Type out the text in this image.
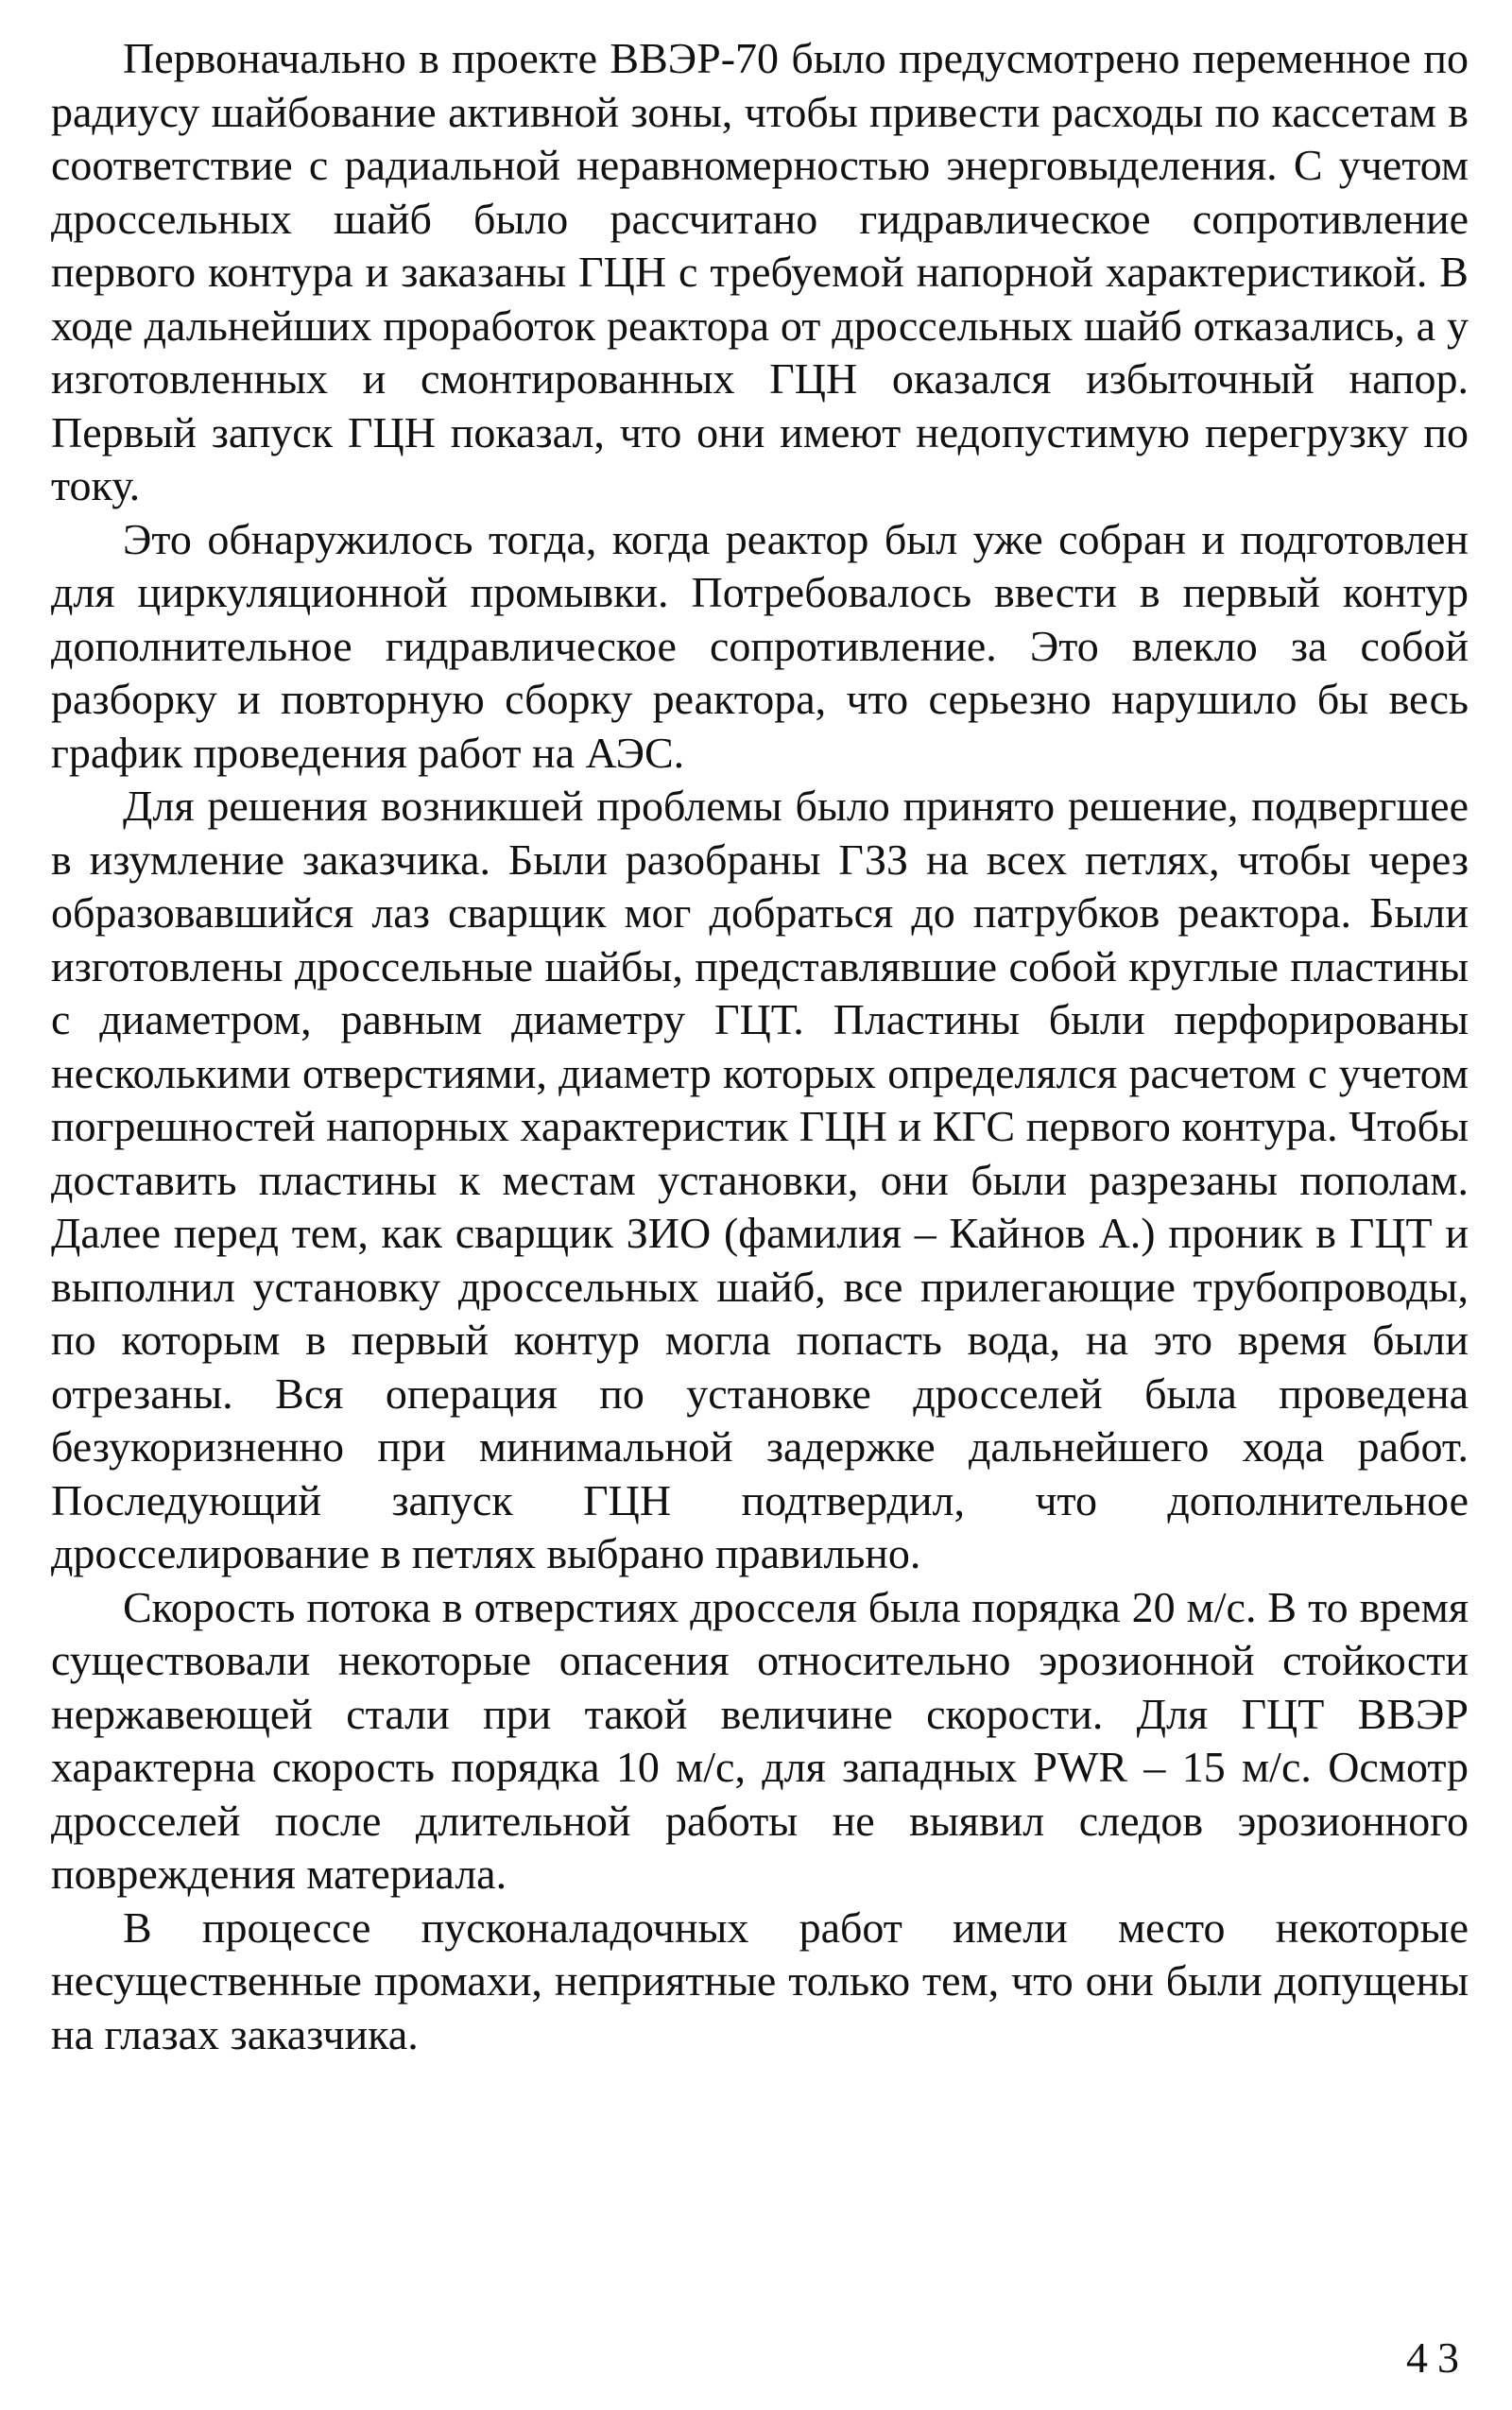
Первоначально в проекте ВВЭР-70 было предусмотрено переменное по радиусу шайбование активной зоны, чтобы привести расходы по кассетам в соответствие с радиальной неравномерностью энерговыделения. С учетом дроссельных шайб было рассчитано гидравлическое сопротивление первого контура и заказаны ГЦН с требуемой напорной характеристикой. В ходе дальнейших проработок реактора от дроссельных шайб отказались, а у изготовленных и смонтированных ГЦН оказался избыточный напор. Первый запуск ГЦН показал, что они имеют недопустимую перегрузку по току.

Это обнаружилось тогда, когда реактор был уже собран и подготовлен для циркуляционной промывки. Потребовалось ввести в первый контур дополнительное гидравлическое сопротивление. Это влекло за собой разборку и повторную сборку реактора, что серьезно нарушило бы весь график проведения работ на АЭС.

Для решения возникшей проблемы было принято решение, подвергшее в изумление заказчика. Были разобраны ГЗЗ на всех петлях, чтобы через образовавшийся лаз сварщик мог добраться до патрубков реактора. Были изготовлены дроссельные шайбы, представлявшие собой круглые пластины с диаметром, равным диаметру ГЦТ. Пластины были перфорированы несколькими отверстиями, диаметр которых определялся расчетом с учетом погрешностей напорных характеристик ГЦН и КГС первого контура. Чтобы доставить пластины к местам установки, они были разрезаны пополам. Далее перед тем, как сварщик ЗИО (фамилия – Кайнов А.) проник в ГЦТ и выполнил установку дроссельных шайб, все прилегающие трубопроводы, по которым в первый контур могла попасть вода, на это время были отрезаны. Вся операция по установке дросселей была проведена безукоризненно при минимальной задержке дальнейшего хода работ. Последующий запуск ГЦН подтвердил, что дополнительное дросселирование в петлях выбрано правильно.

Скорость потока в отверстиях дросселя была порядка 20 м/с. В то время существовали некоторые опасения относительно эрозионной стойкости нержавеющей стали при такой величине скорости. Для ГЦТ ВВЭР характерна скорость порядка 10 м/с, для западных PWR – 15 м/с. Осмотр дросселей после длительной работы не выявил следов эрозионного повреждения материала.

В процессе пусконаладочных работ имели место некоторые несущественные промахи, неприятные только тем, что они были допущены на глазах заказчика.

43
